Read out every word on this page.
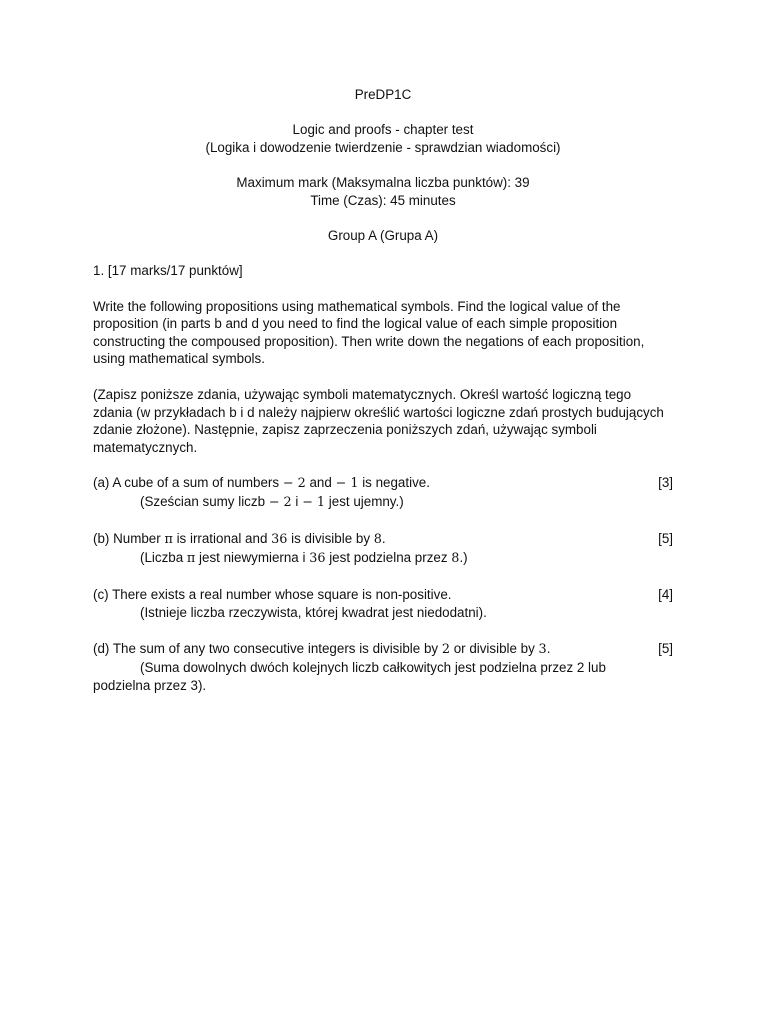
PreDP1C

Logic and proofs - chapter test

(Logika i dowodzenie twierdzenie - sprawdzian wiadomości)

Maximum mark (Maksymalna liczba punktów): 39

Time (Czas): 45 minutes

Group A (Grupa A)

1. [17 marks/17 punktów]

Write the following propositions using mathematical symbols. Find the logical value of the proposition (in parts b and d you need to find the logical value of each simple proposition constructing the compoused proposition). Then write down the negations of each proposition, using mathematical symbols.

(Zapisz poniższe zdania, używając symboli matematycznych. Określ wartość logiczną tego zdania (w przykładach b i d należy najpierw określić wartości logiczne zdań prostych budujących zdanie złożone). Następnie, zapisz zaprzeczenia poniższych zdań, używając symboli matematycznych.

(a) A cube of a sum of numbers − 2 and − 1 is negative.	[3]
(Sześcian sumy liczb − 2 i − 1 jest ujemny.)
(b) Number π is irrational and 36 is divisible by 8.	[5]
(Liczba π jest niewymierna i 36 jest podzielna przez 8.)
(c) There exists a real number whose square is non-positive.	[4]
(Istnieje liczba rzeczywista, której kwadrat jest niedodatni).
(d) The sum of any two consecutive integers is divisible by 2 or divisible by 3.	[5]
(Suma dowolnych dwóch kolejnych liczb całkowitych jest podzielna przez 2 lub
podzielna przez 3).
